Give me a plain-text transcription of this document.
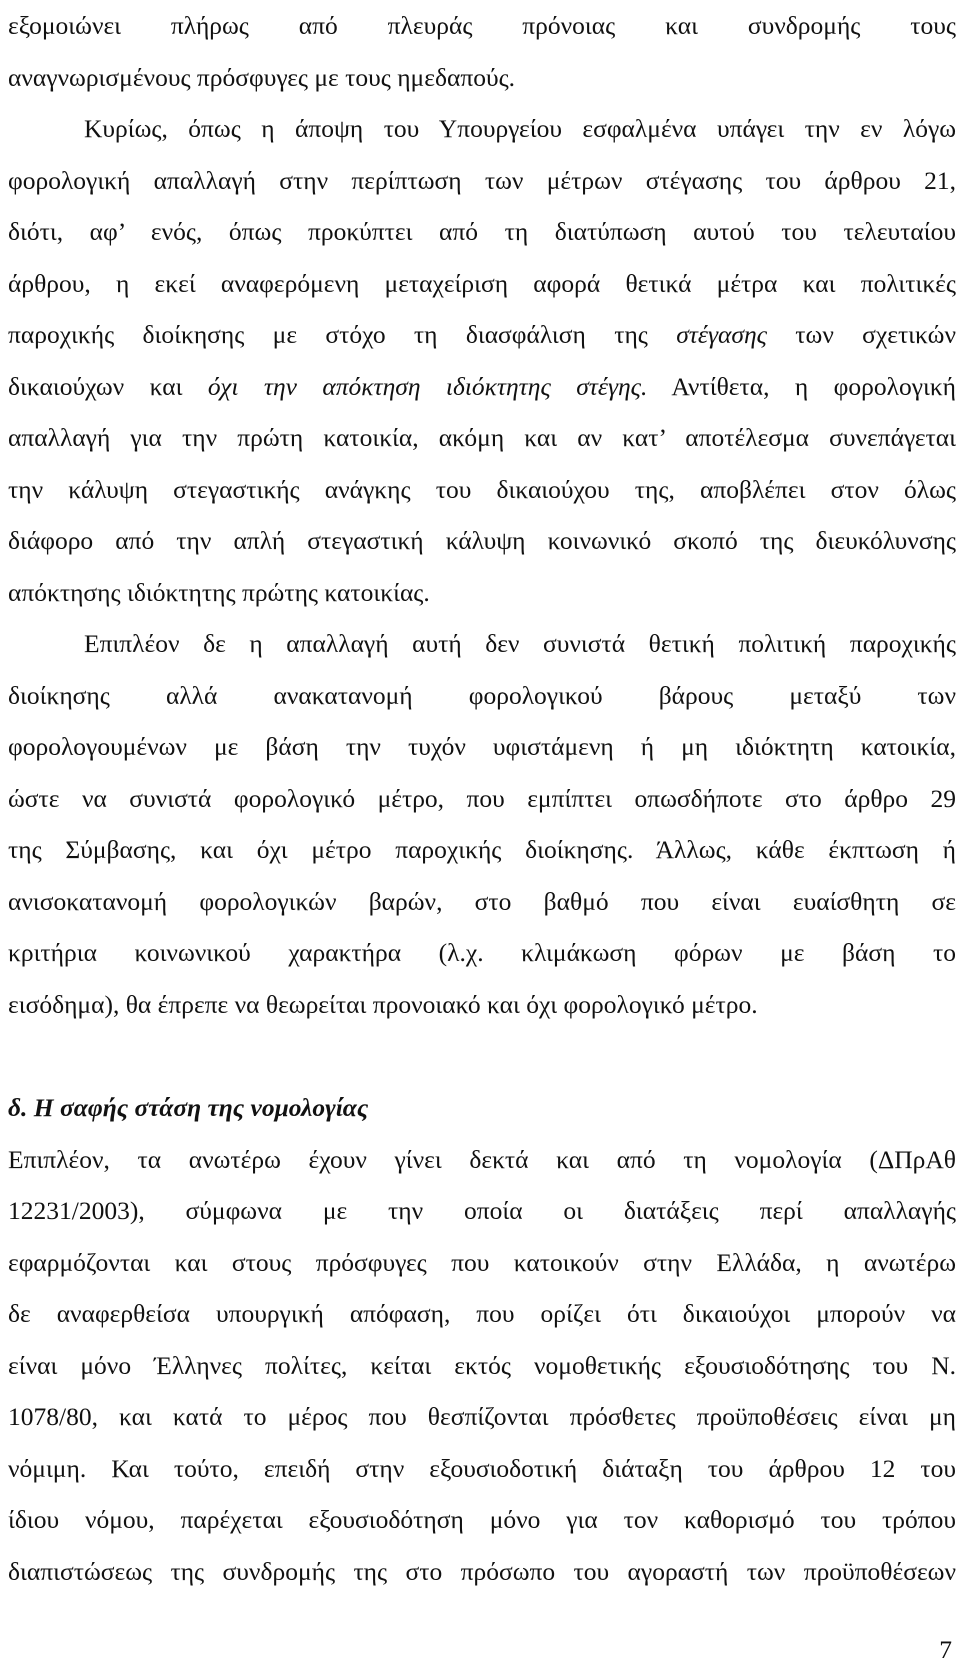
εξομοιώνει πλήρως από πλευράς πρόνοιας και συνδρομής τους
αναγνωρισμένους πρόσφυγες με τους ημεδαπούς.

Κυρίως, όπως η άποψη του Υπουργείου εσφαλμένα υπάγει την εν λόγω
φορολογική απαλλαγή στην περίπτωση των μέτρων στέγασης του άρθρου 21,
διότι, αφ’ ενός, όπως προκύπτει από τη διατύπωση αυτού του τελευταίου
άρθρου, η εκεί αναφερόμενη μεταχείριση αφορά θετικά μέτρα και πολιτικές
παροχικής διοίκησης με στόχο τη διασφάλιση της στέγασης των σχετικών
δικαιούχων και όχι την απόκτηση ιδιόκτητης στέγης. Αντίθετα, η φορολογική
απαλλαγή για την πρώτη κατοικία, ακόμη και αν κατ’ αποτέλεσμα συνεπάγεται
την κάλυψη στεγαστικής ανάγκης του δικαιούχου της, αποβλέπει στον όλως
διάφορο από την απλή στεγαστική κάλυψη κοινωνικό σκοπό της διευκόλυνσης
απόκτησης ιδιόκτητης πρώτης κατοικίας.

Επιπλέον δε η απαλλαγή αυτή δεν συνιστά θετική πολιτική παροχικής
διοίκησης αλλά ανακατανομή φορολογικού βάρους μεταξύ των
φορολογουμένων με βάση την τυχόν υφιστάμενη ή μη ιδιόκτητη κατοικία,
ώστε να συνιστά φορολογικό μέτρο, που εμπίπτει οπωσδήποτε στο άρθρο 29
της Σύμβασης, και όχι μέτρο παροχικής διοίκησης. Άλλως, κάθε έκπτωση ή
ανισοκατανομή φορολογικών βαρών, στο βαθμό που είναι ευαίσθητη σε
κριτήρια κοινωνικού χαρακτήρα (λ.χ. κλιμάκωση φόρων με βάση το
εισόδημα), θα έπρεπε να θεωρείται προνοιακό και όχι φορολογικό μέτρο.

δ. Η σαφής στάση της νομολογίας

Επιπλέον, τα ανωτέρω έχουν γίνει δεκτά και από τη νομολογία (ΔΠρΑθ
12231/2003), σύμφωνα με την οποία οι διατάξεις περί απαλλαγής
εφαρμόζονται και στους πρόσφυγες που κατοικούν στην Ελλάδα, η ανωτέρω
δε αναφερθείσα υπουργική απόφαση, που ορίζει ότι δικαιούχοι μπορούν να
είναι μόνο Έλληνες πολίτες, κείται εκτός νομοθετικής εξουσιοδότησης του Ν.
1078/80, και κατά το μέρος που θεσπίζονται πρόσθετες προϋποθέσεις είναι μη
νόμιμη. Και τούτο, επειδή στην εξουσιοδοτική διάταξη του άρθρου 12 του
ίδιου νόμου, παρέχεται εξουσιοδότηση μόνο για τον καθορισμό του τρόπου
διαπιστώσεως της συνδρομής της στο πρόσωπο του αγοραστή των προϋποθέσεων

7
